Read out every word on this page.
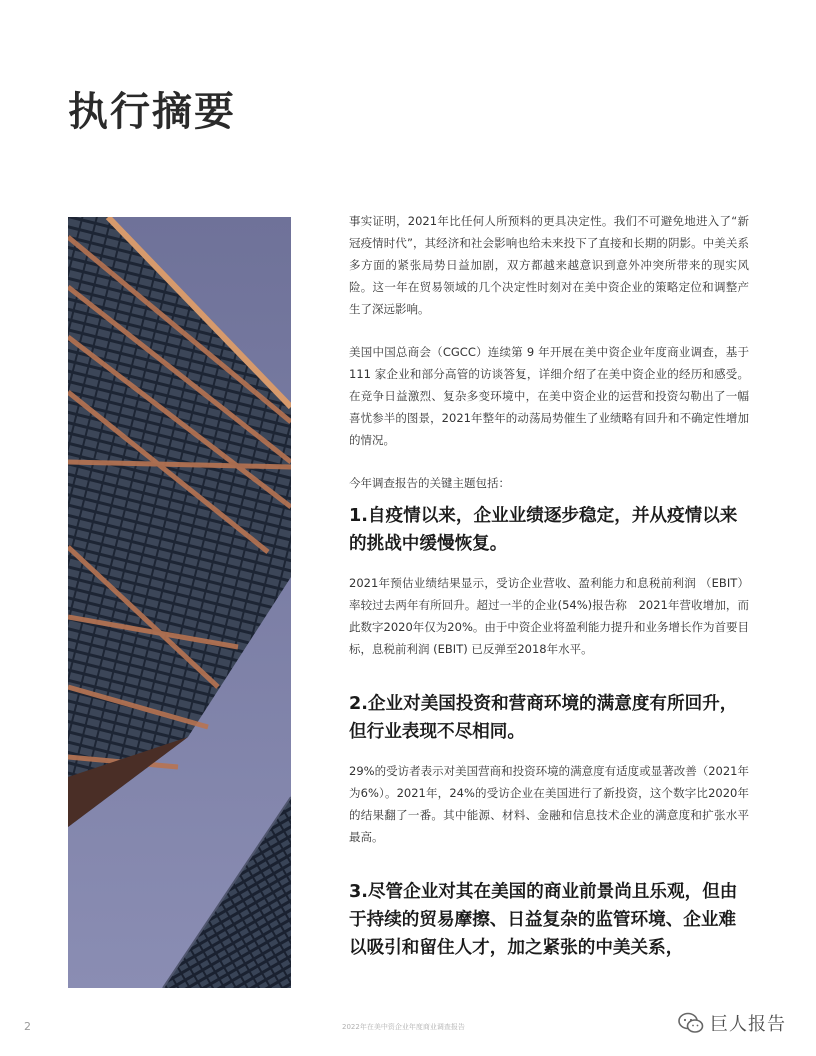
执行摘要

事实证明，2021年比任何人所预料的更具决定性。我们不可避免地进入了“新冠疫情时代”，其经济和社会影响也给未来投下了直接和长期的阴影。中美关系多方面的紧张局势日益加剧，双方都越来越意识到意外冲突所带来的现实风险。这一年在贸易领域的几个决定性时刻对在美中资企业的策略定位和调整产生了深远影响。

美国中国总商会（CGCC）连续第 9 年开展在美中资企业年度商业调查，基于 111 家企业和部分高管的访谈答复，详细介绍了在美中资企业的经历和感受。在竞争日益激烈、复杂多变环境中，在美中资企业的运营和投资勾勒出了一幅喜忧参半的图景，2021年整年的动荡局势催生了业绩略有回升和不确定性增加的情况。

今年调查报告的关键主题包括：

1.自疫情以来，企业业绩逐步稳定，并从疫情以来的挑战中缓慢恢复。

2021年预估业绩结果显示，受访企业营收、盈利能力和息税前利润 （EBIT）率较过去两年有所回升。超过一半的企业(54%)报告称　2021年营收增加，而此数字2020年仅为20%。由于中资企业将盈利能力提升和业务增长作为首要目标，息税前利润 (EBIT) 已反弹至2018年水平。

2.企业对美国投资和营商环境的满意度有所回升，但行业表现不尽相同。

29%的受访者表示对美国营商和投资环境的满意度有适度或显著改善（2021年为6%）。2021年，24%的受访企业在美国进行了新投资，这个数字比2020年的结果翻了一番。其中能源、材料、金融和信息技术企业的满意度和扩张水平最高。

3.尽管企业对其在美国的商业前景尚且乐观，但由于持续的贸易摩擦、日益复杂的监管环境、企业难以吸引和留住人才，加之紧张的中美关系，
2	2022年在美中资企业年度商业调查报告	巨人报告
